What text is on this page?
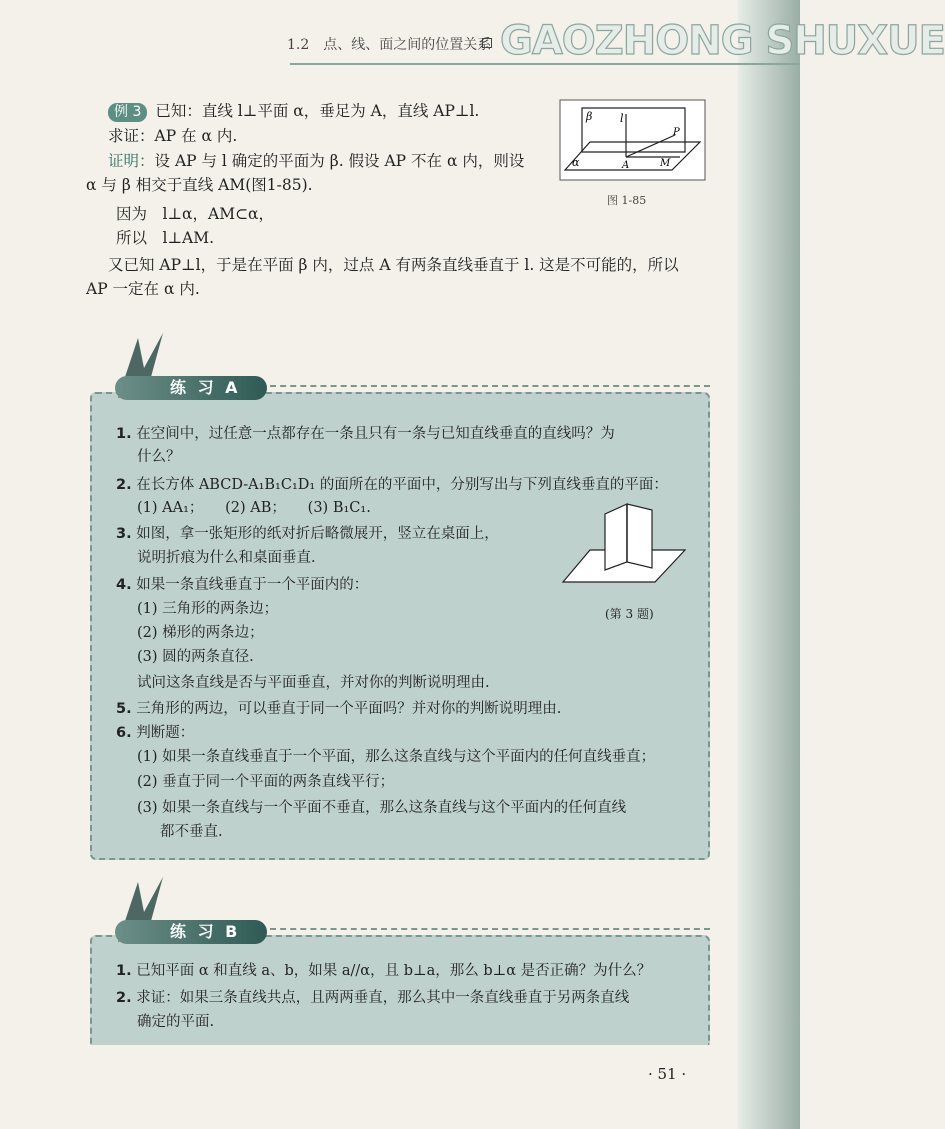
1.2　点、线、面之间的位置关系 GAOZHONG SHUXUE
例 3 已知：直线 l⊥平面 α，垂足为 A，直线 AP⊥l.
求证：AP 在 α 内.
证明：设 AP 与 l 确定的平面为 β. 假设 AP 不在 α 内，则设
α 与 β 相交于直线 AM(图1-85).
因为　l⊥α，AM⊂α，
所以　l⊥AM.
又已知 AP⊥l，于是在平面 β 内，过点 A 有两条直线垂直于 l. 这是不可能的，所以
AP 一定在 α 内.
β	l
P
α	A	M
图 1-85
练 习 A
1. 在空间中，过任意一点都存在一条且只有一条与已知直线垂直的直线吗？为
什么？
2. 在长方体 ABCD-A₁B₁C₁D₁ 的面所在的平面中，分别写出与下列直线垂直的平面：
(1) AA₁；　　(2) AB；　　(3) B₁C₁.
3. 如图，拿一张矩形的纸对折后略微展开，竖立在桌面上，
说明折痕为什么和桌面垂直.
4. 如果一条直线垂直于一个平面内的：
(1) 三角形的两条边；
(2) 梯形的两条边；
(3) 圆的两条直径.
试问这条直线是否与平面垂直，并对你的判断说明理由.
5. 三角形的两边，可以垂直于同一个平面吗？并对你的判断说明理由.
6. 判断题：
(1) 如果一条直线垂直于一个平面，那么这条直线与这个平面内的任何直线垂直；
(2) 垂直于同一个平面的两条直线平行；
(3) 如果一条直线与一个平面不垂直，那么这条直线与这个平面内的任何直线
都不垂直.
(第 3 题)
练 习 B
1. 已知平面 α 和直线 a、b，如果 a//α，且 b⊥a，那么 b⊥α 是否正确？为什么？
2. 求证：如果三条直线共点，且两两垂直，那么其中一条直线垂直于另两条直线
确定的平面.
· 51 ·
